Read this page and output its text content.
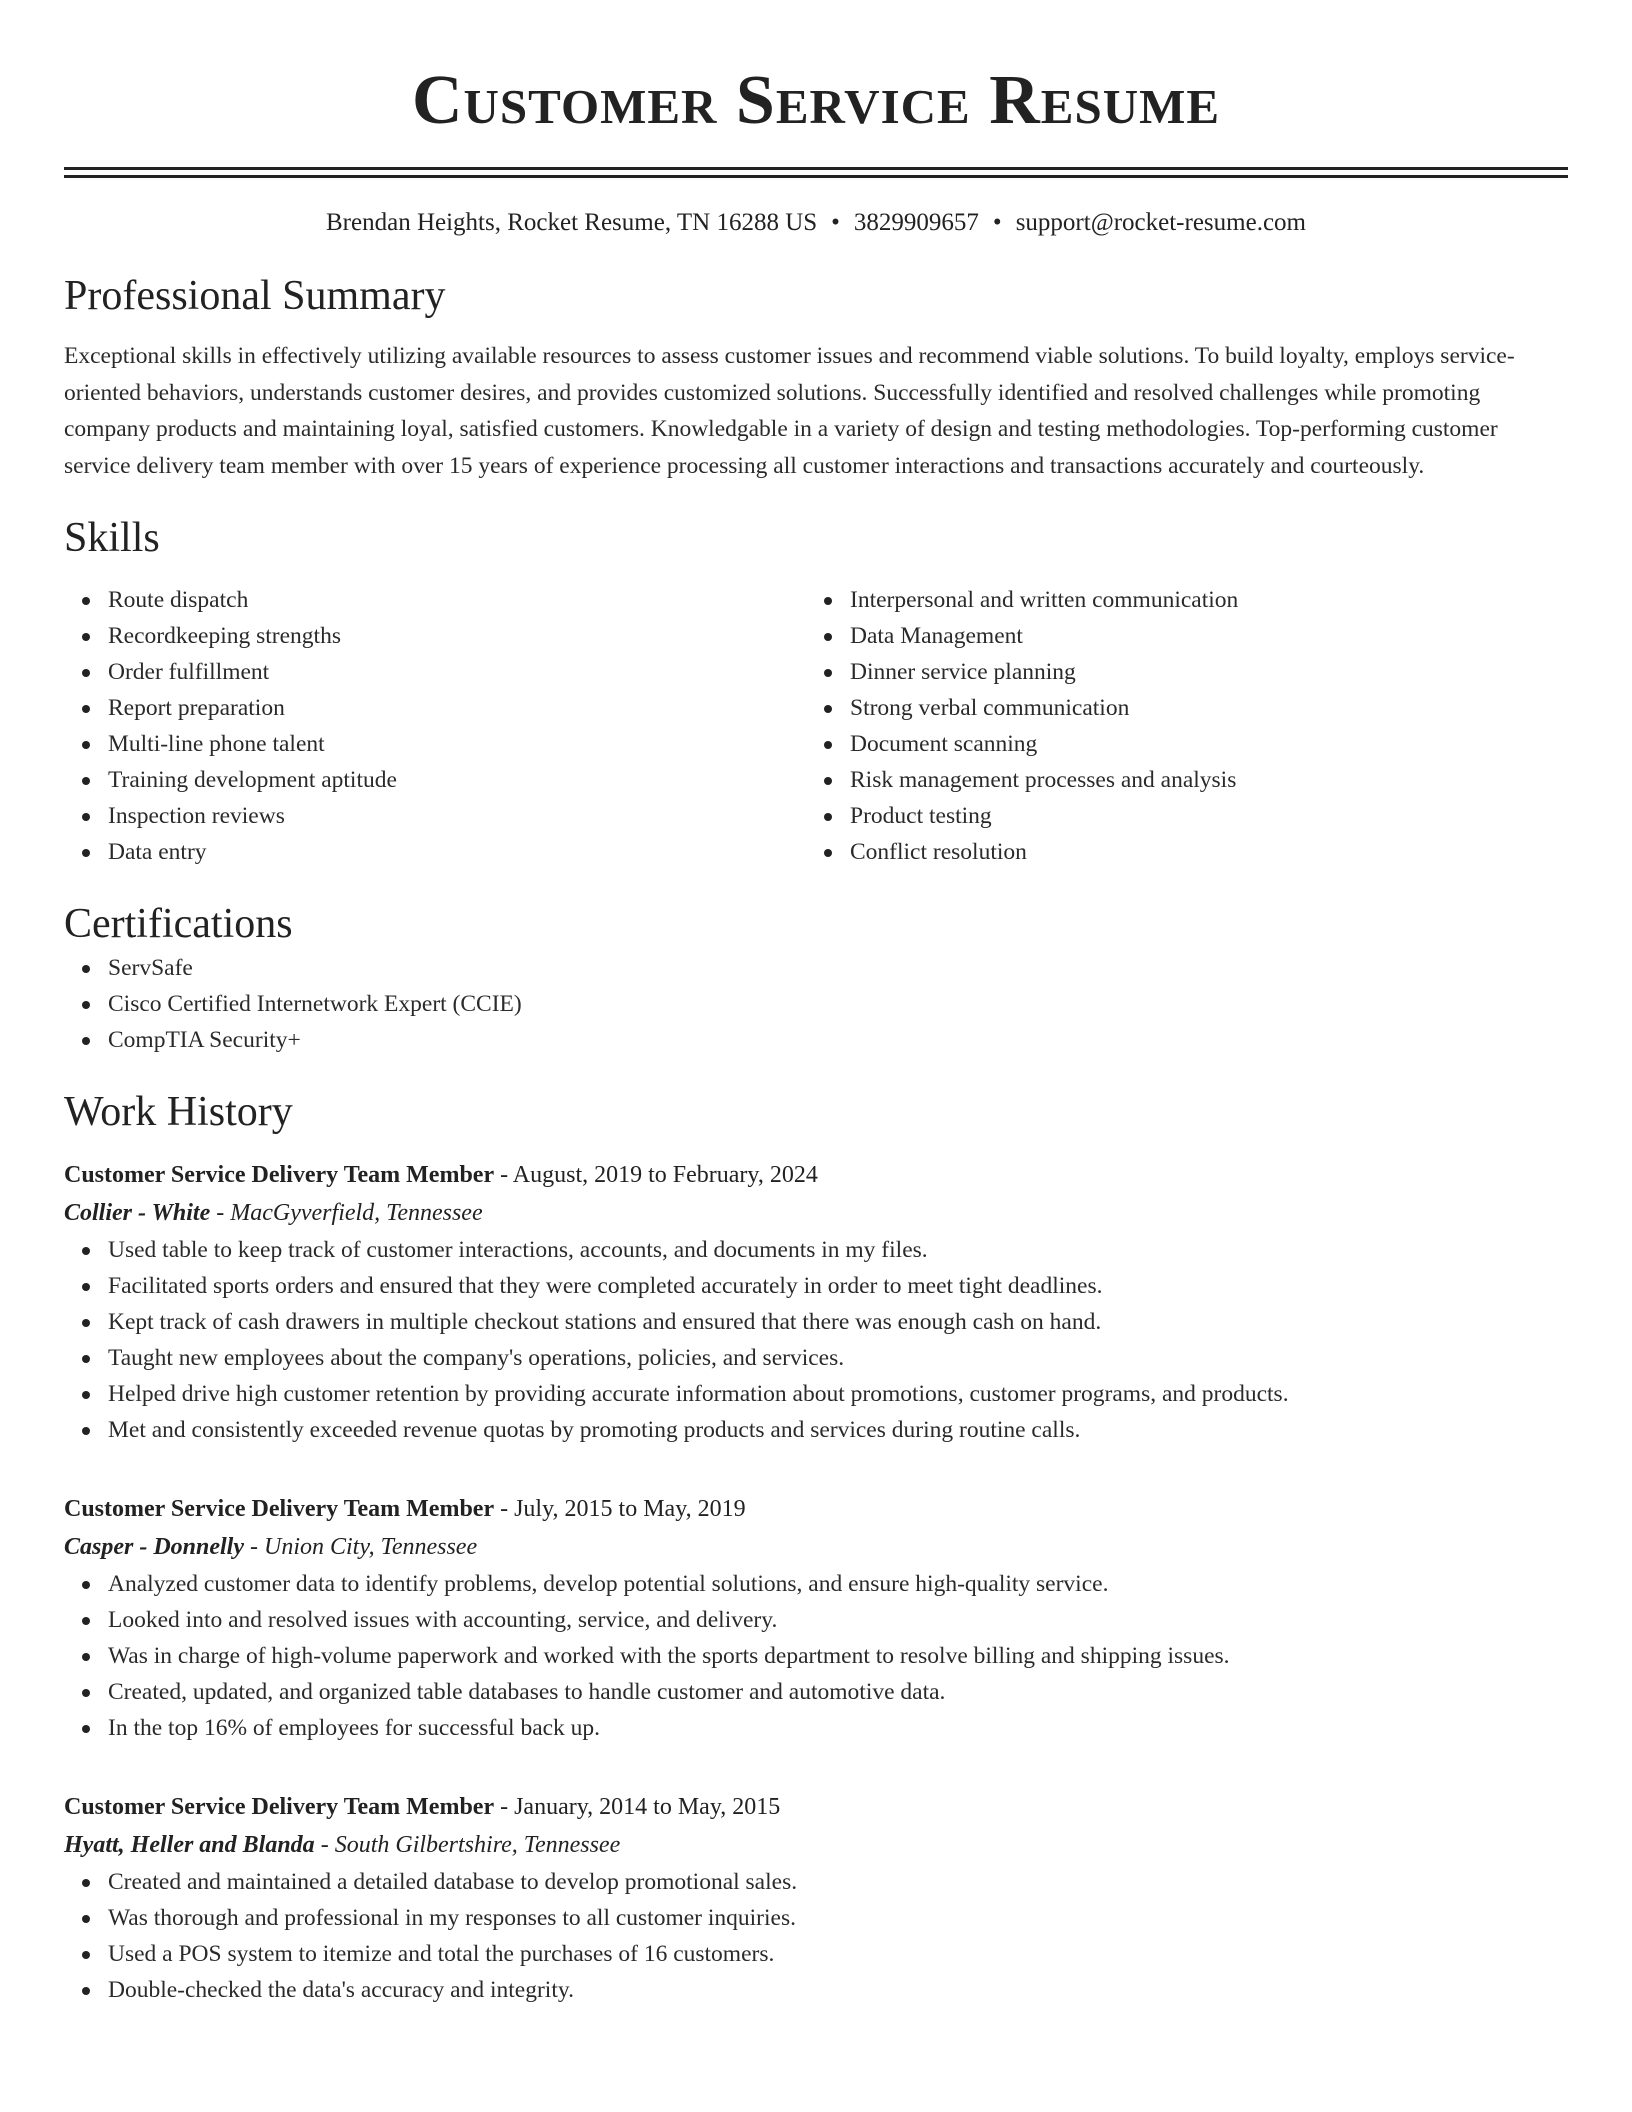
Customer Service Resume
Brendan Heights, Rocket Resume, TN 16288 US • 3829909657 • support@rocket-resume.com
Professional Summary
Exceptional skills in effectively utilizing available resources to assess customer issues and recommend viable solutions. To build loyalty, employs service-oriented behaviors, understands customer desires, and provides customized solutions. Successfully identified and resolved challenges while promoting company products and maintaining loyal, satisfied customers. Knowledgable in a variety of design and testing methodologies. Top-performing customer service delivery team member with over 15 years of experience processing all customer interactions and transactions accurately and courteously.
Skills
Route dispatch
Recordkeeping strengths
Order fulfillment
Report preparation
Multi-line phone talent
Training development aptitude
Inspection reviews
Data entry
Interpersonal and written communication
Data Management
Dinner service planning
Strong verbal communication
Document scanning
Risk management processes and analysis
Product testing
Conflict resolution
Certifications
ServSafe
Cisco Certified Internetwork Expert (CCIE)
CompTIA Security+
Work History
Customer Service Delivery Team Member - August, 2019 to February, 2024
Collier - White - MacGyverfield, Tennessee
Used table to keep track of customer interactions, accounts, and documents in my files.
Facilitated sports orders and ensured that they were completed accurately in order to meet tight deadlines.
Kept track of cash drawers in multiple checkout stations and ensured that there was enough cash on hand.
Taught new employees about the company's operations, policies, and services.
Helped drive high customer retention by providing accurate information about promotions, customer programs, and products.
Met and consistently exceeded revenue quotas by promoting products and services during routine calls.
Customer Service Delivery Team Member - July, 2015 to May, 2019
Casper - Donnelly - Union City, Tennessee
Analyzed customer data to identify problems, develop potential solutions, and ensure high-quality service.
Looked into and resolved issues with accounting, service, and delivery.
Was in charge of high-volume paperwork and worked with the sports department to resolve billing and shipping issues.
Created, updated, and organized table databases to handle customer and automotive data.
In the top 16% of employees for successful back up.
Customer Service Delivery Team Member - January, 2014 to May, 2015
Hyatt, Heller and Blanda - South Gilbertshire, Tennessee
Created and maintained a detailed database to develop promotional sales.
Was thorough and professional in my responses to all customer inquiries.
Used a POS system to itemize and total the purchases of 16 customers.
Double-checked the data's accuracy and integrity.
